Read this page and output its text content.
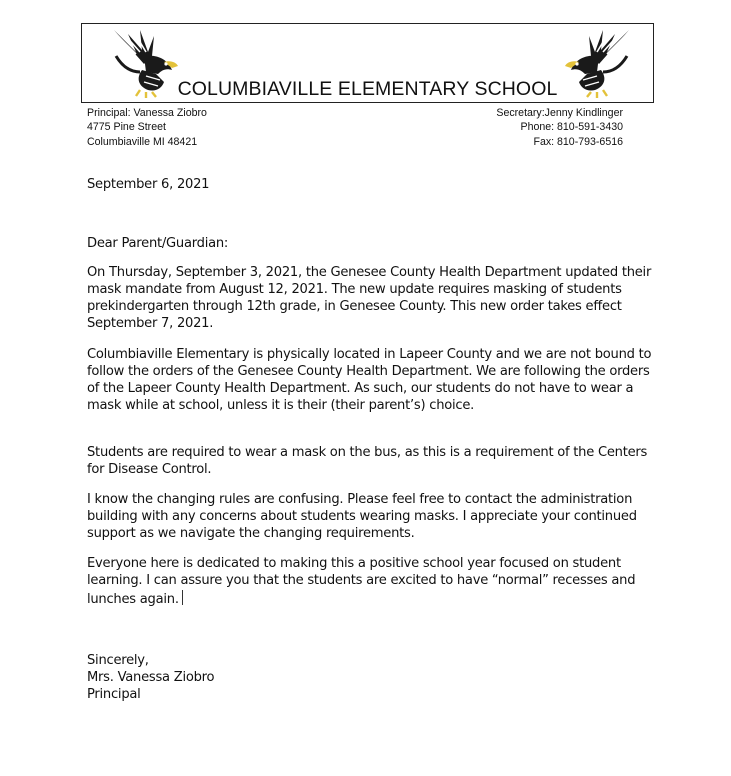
COLUMBIAVILLE ELEMENTARY SCHOOL
Principal: Vanessa Ziobro
4775 Pine Street
Columbiaville MI 48421
Secretary:Jenny Kindlinger
Phone: 810-591-3430
Fax: 810-793-6516

September 6, 2021

Dear Parent/Guardian:

On Thursday, September 3, 2021, the Genesee County Health Department updated their mask mandate from August 12, 2021. The new update requires masking of students prekindergarten through 12th grade, in Genesee County. This new order takes effect September 7, 2021.

Columbiaville Elementary is physically located in Lapeer County and we are not bound to follow the orders of the Genesee County Health Department. We are following the orders of the Lapeer County Health Department. As such, our students do not have to wear a mask while at school, unless it is their (their parent’s) choice.

Students are required to wear a mask on the bus, as this is a requirement of the Centers for Disease Control.

I know the changing rules are confusing. Please feel free to contact the administration building with any concerns about students wearing masks. I appreciate your continued support as we navigate the changing requirements.

Everyone here is dedicated to making this a positive school year focused on student learning. I can assure you that the students are excited to have “normal” recesses and lunches again.

Sincerely,

Mrs. Vanessa Ziobro

Principal
